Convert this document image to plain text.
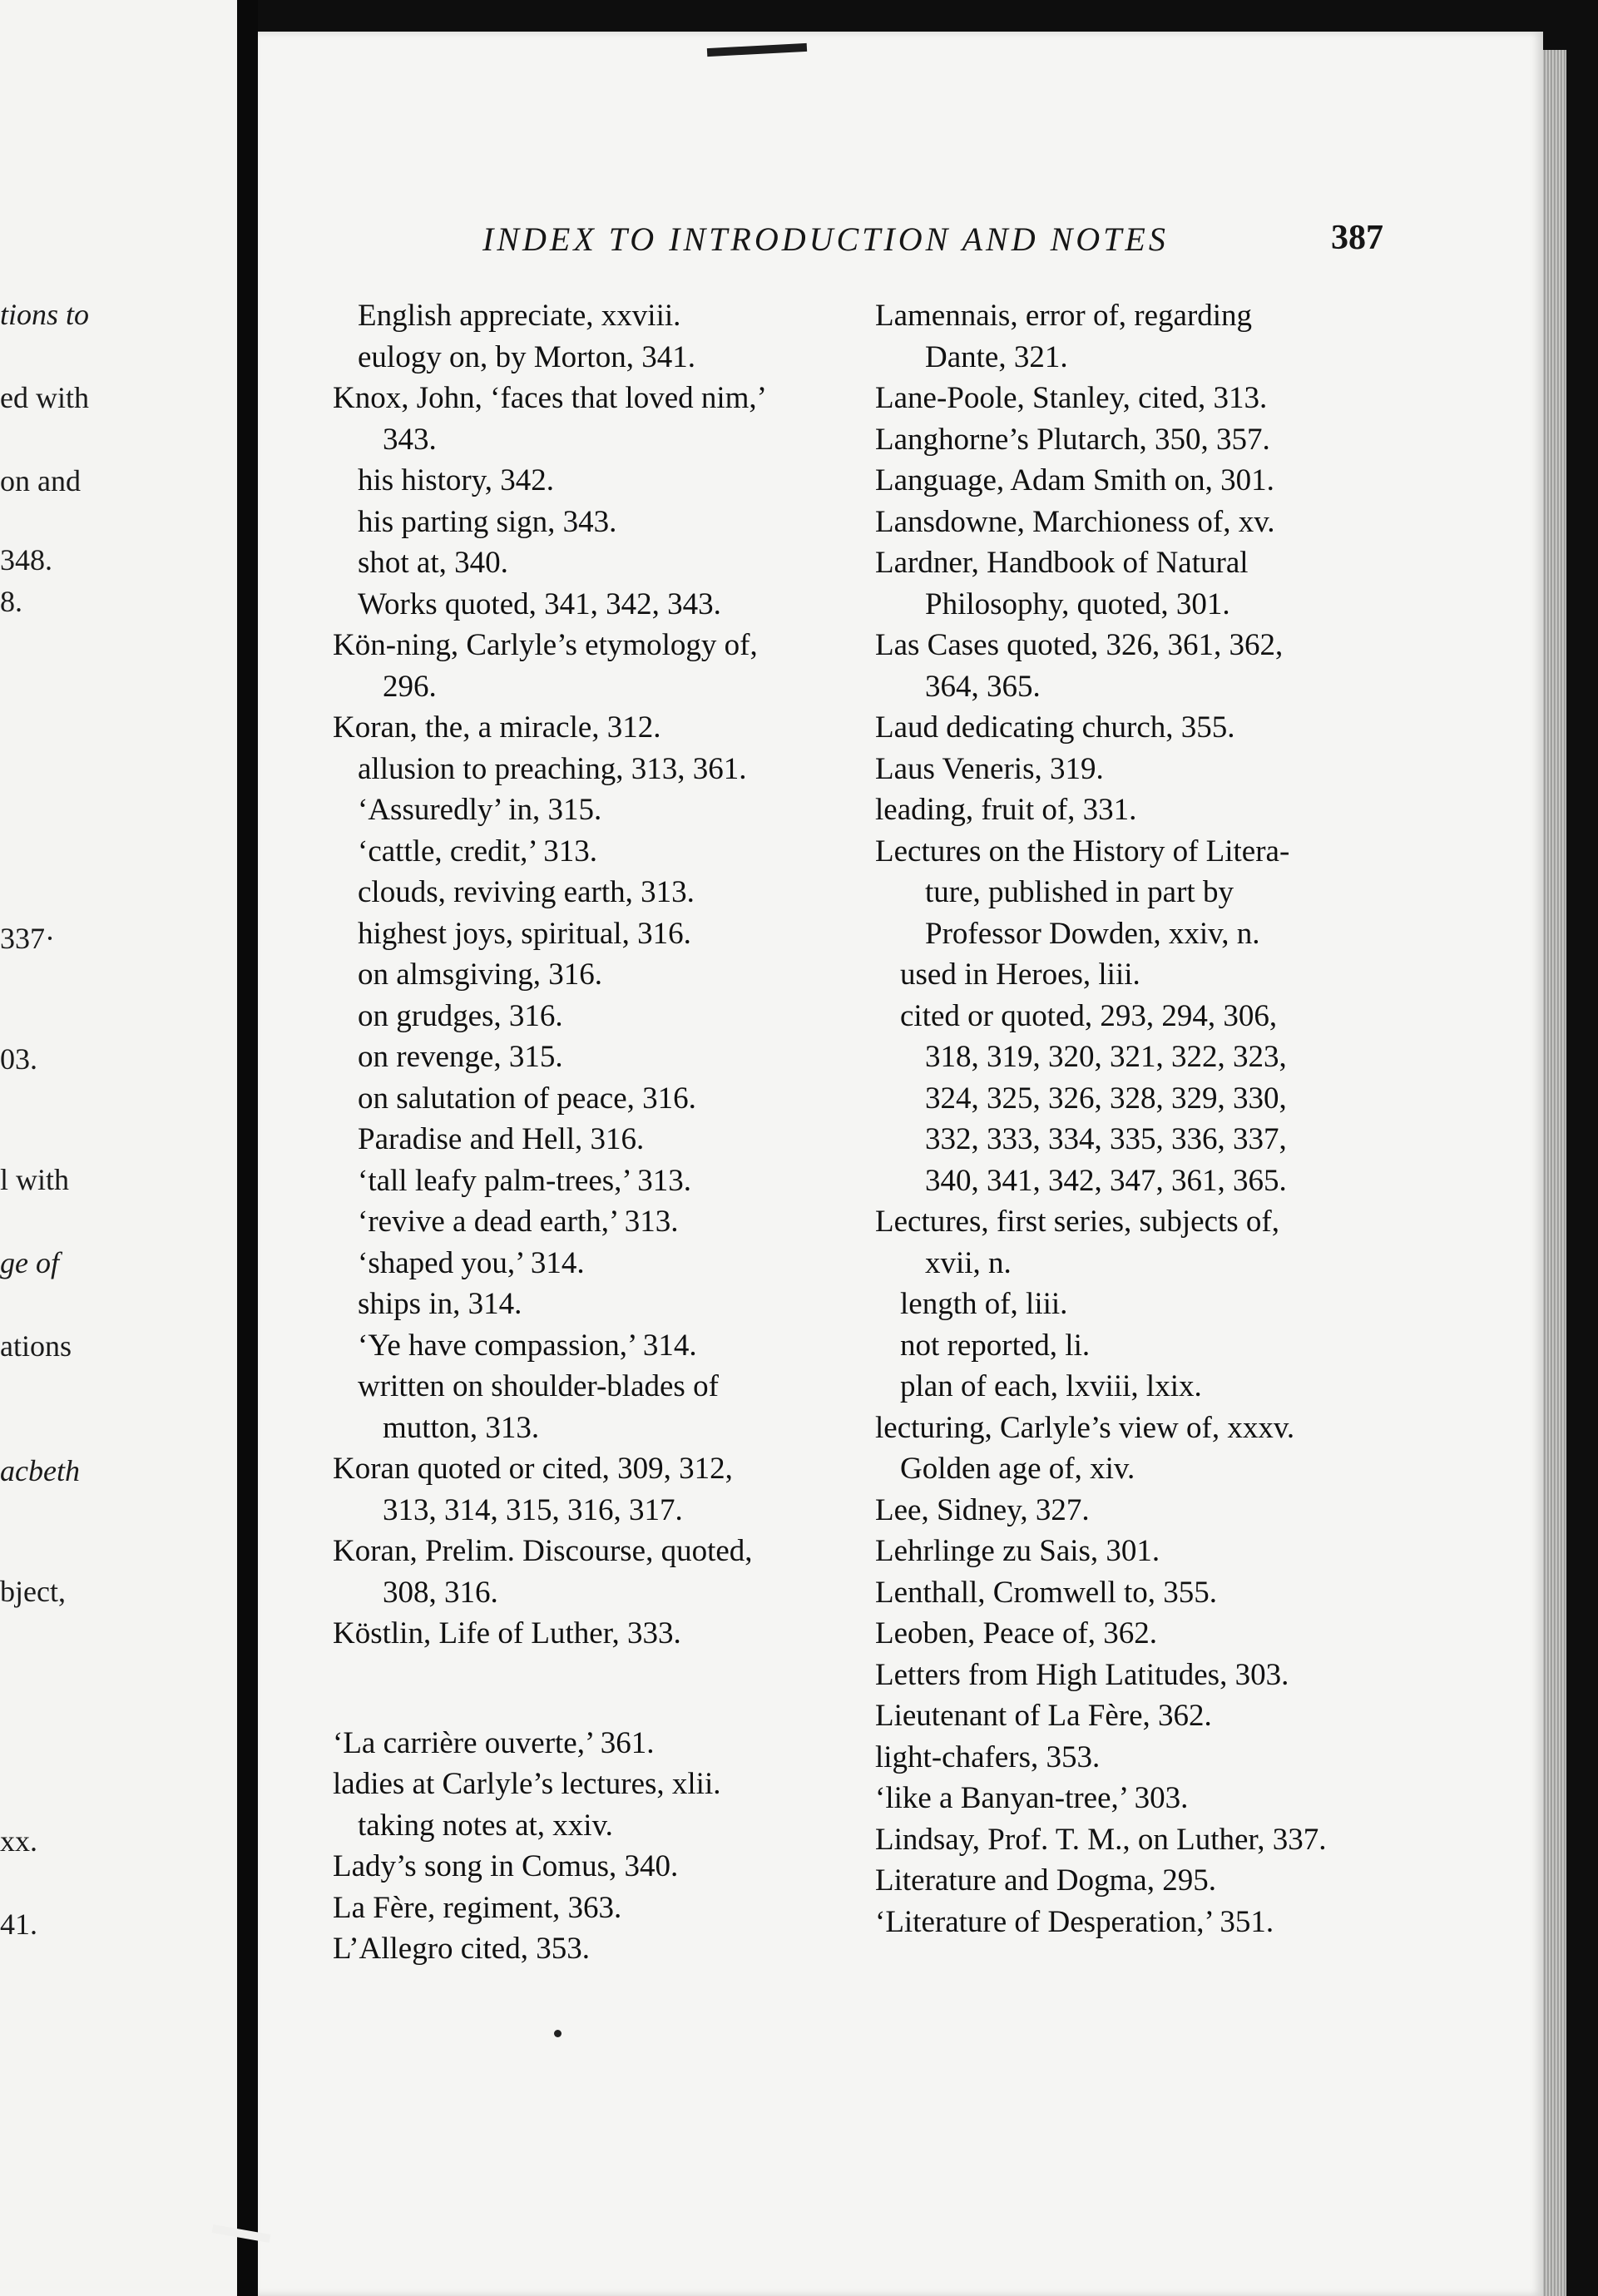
tions to
ed with
on and
348.
8.
337·
03.
l with
ge of
ations
acbeth
bject,
xx.
41.
INDEX TO INTRODUCTION AND NOTES	387
English appreciate, xxviii.
eulogy on, by Morton, 341.
Knox, John, ‘faces that loved nim,’
343.
his history, 342.
his parting sign, 343.
shot at, 340.
Works quoted, 341, 342, 343.
Kön-ning, Carlyle’s etymology of,
296.
Koran, the, a miracle, 312.
allusion to preaching, 313, 361.
‘Assuredly’ in, 315.
‘cattle, credit,’ 313.
clouds, reviving earth, 313.
highest joys, spiritual, 316.
on almsgiving, 316.
on grudges, 316.
on revenge, 315.
on salutation of peace, 316.
Paradise and Hell, 316.
‘tall leafy palm-trees,’ 313.
‘revive a dead earth,’ 313.
‘shaped you,’ 314.
ships in, 314.
‘Ye have compassion,’ 314.
written on shoulder-blades of
mutton, 313.
Koran quoted or cited, 309, 312,
313, 314, 315, 316, 317.
Koran, Prelim. Discourse, quoted,
308, 316.
Köstlin, Life of Luther, 333.
‘La carrière ouverte,’ 361.
ladies at Carlyle’s lectures, xlii.
taking notes at, xxiv.
Lady’s song in Comus, 340.
La Fère, regiment, 363.
L’Allegro cited, 353.
Lamennais, error of, regarding
Dante, 321.
Lane-Poole, Stanley, cited, 313.
Langhorne’s Plutarch, 350, 357.
Language, Adam Smith on, 301.
Lansdowne, Marchioness of, xv.
Lardner, Handbook of Natural
Philosophy, quoted, 301.
Las Cases quoted, 326, 361, 362,
364, 365.
Laud dedicating church, 355.
Laus Veneris, 319.
leading, fruit of, 331.
Lectures on the History of Litera-
ture, published in part by
Professor Dowden, xxiv, n.
used in Heroes, liii.
cited or quoted, 293, 294, 306,
318, 319, 320, 321, 322, 323,
324, 325, 326, 328, 329, 330,
332, 333, 334, 335, 336, 337,
340, 341, 342, 347, 361, 365.
Lectures, first series, subjects of,
xvii, n.
length of, liii.
not reported, li.
plan of each, lxviii, lxix.
lecturing, Carlyle’s view of, xxxv.
Golden age of, xiv.
Lee, Sidney, 327.
Lehrlinge zu Sais, 301.
Lenthall, Cromwell to, 355.
Leoben, Peace of, 362.
Letters from High Latitudes, 303.
Lieutenant of La Fère, 362.
light-chafers, 353.
‘like a Banyan-tree,’ 303.
Lindsay, Prof. T. M., on Luther, 337.
Literature and Dogma, 295.
‘Literature of Desperation,’ 351.
